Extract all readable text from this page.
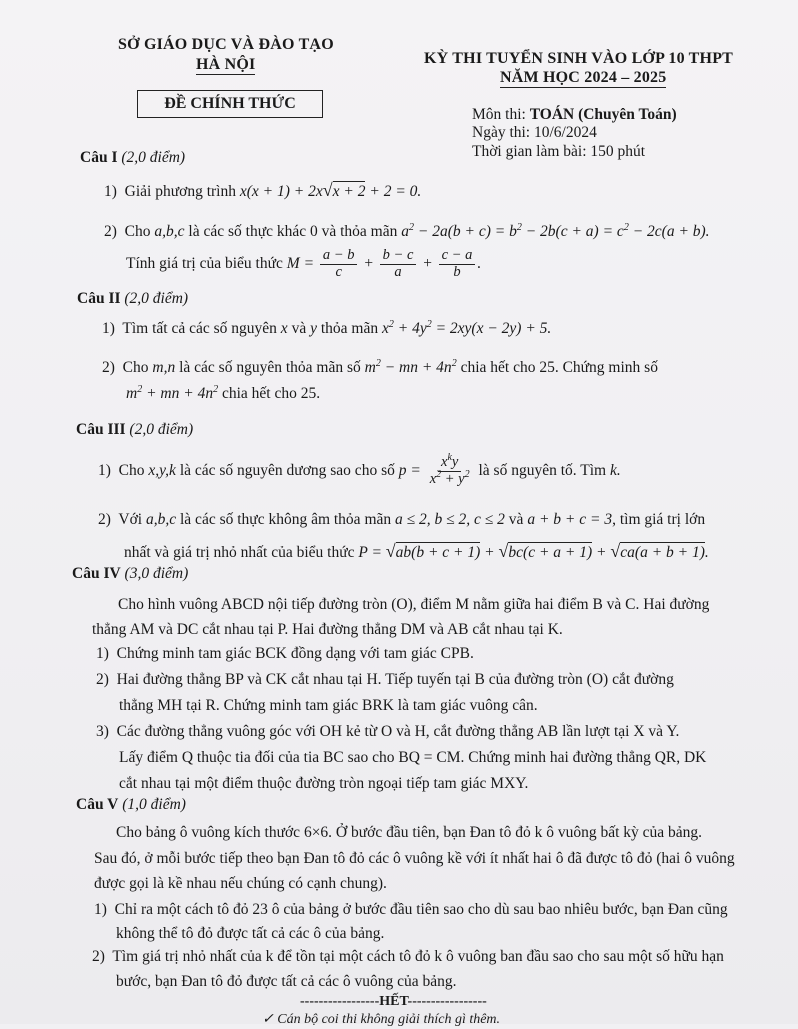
SỞ GIÁO DỤC VÀ ĐÀO TẠO
HÀ NỘI
ĐỀ CHÍNH THỨC
KỲ THI TUYỂN SINH VÀO LỚP 10 THPT
NĂM HỌC 2024 – 2025
Môn thi: TOÁN (Chuyên Toán)
Ngày thi: 10/6/2024
Thời gian làm bài: 150 phút
Câu I (2,0 điểm)
1) Giải phương trình x(x + 1) + 2x√x + 2 + 2 = 0.
2) Cho a,b,c là các số thực khác 0 và thỏa mãn $a^2 - 2a(b + c) = b^2 - 2b(c + a) = c^2 - 2c(a + b)$.
Tính giá trị của biểu thức $M = \frac{a - b}{c} + \frac{b - c}{a} + \frac{c - a}{b}$ .
Câu II (2,0 điểm)
1) Tìm tất cả các số nguyên x và y thỏa mãn $x^2 + 4y^2 = 2xy(x - 2y) + 5$.
2) Cho m,n là các số nguyên thỏa mãn số $m^2$ − mn + $4n^2$ chia hết cho 25. Chứng minh số
$m^2$ + mn + $4n^2$ chia hết cho 25.
Câu III (2,0 điểm)
1) Cho x,y,k là các số nguyên dương sao cho số $p = \frac{x^ky}{x^2 + y^2}$ là số nguyên tố. Tìm k.
2) Với a,b,c là các số thực không âm thỏa mãn a ≤ 2, b ≤ 2, c ≤ 2 và a + b + c = 3, tìm giá trị lớn
nhất và giá trị nhỏ nhất của biểu thức P = √ab(b + c + 1) + √bc(c + a + 1) + √ca(a + b + 1).
Câu IV (3,0 điểm)
Cho hình vuông ABCD nội tiếp đường tròn (O), điểm M nằm giữa hai điểm B và C. Hai đường
thẳng AM và DC cắt nhau tại P. Hai đường thẳng DM và AB cắt nhau tại K.
1) Chứng minh tam giác BCK đồng dạng với tam giác CPB.
2) Hai đường thẳng BP và CK cắt nhau tại H. Tiếp tuyến tại B của đường tròn (O) cắt đường
thẳng MH tại R. Chứng minh tam giác BRK là tam giác vuông cân.
3) Các đường thẳng vuông góc với OH kẻ từ O và H, cắt đường thẳng AB lần lượt tại X và Y.
Lấy điểm Q thuộc tia đối của tia BC sao cho BQ = CM. Chứng minh hai đường thẳng QR, DK
cắt nhau tại một điểm thuộc đường tròn ngoại tiếp tam giác MXY.
Câu V (1,0 điểm)
Cho bảng ô vuông kích thước 6×6. Ở bước đầu tiên, bạn Đan tô đỏ k ô vuông bất kỳ của bảng.
Sau đó, ở mỗi bước tiếp theo bạn Đan tô đỏ các ô vuông kề với ít nhất hai ô đã được tô đỏ (hai ô vuông
được gọi là kề nhau nếu chúng có cạnh chung).
1) Chỉ ra một cách tô đỏ 23 ô của bảng ở bước đầu tiên sao cho dù sau bao nhiêu bước, bạn Đan cũng
không thể tô đỏ được tất cả các ô của bảng.
2) Tìm giá trị nhỏ nhất của k để tồn tại một cách tô đỏ k ô vuông ban đầu sao cho sau một số hữu hạn
bước, bạn Đan tô đỏ được tất cả các ô vuông của bảng.
-----------------HẾT-----------------
✓ Cán bộ coi thi không giải thích gì thêm.
